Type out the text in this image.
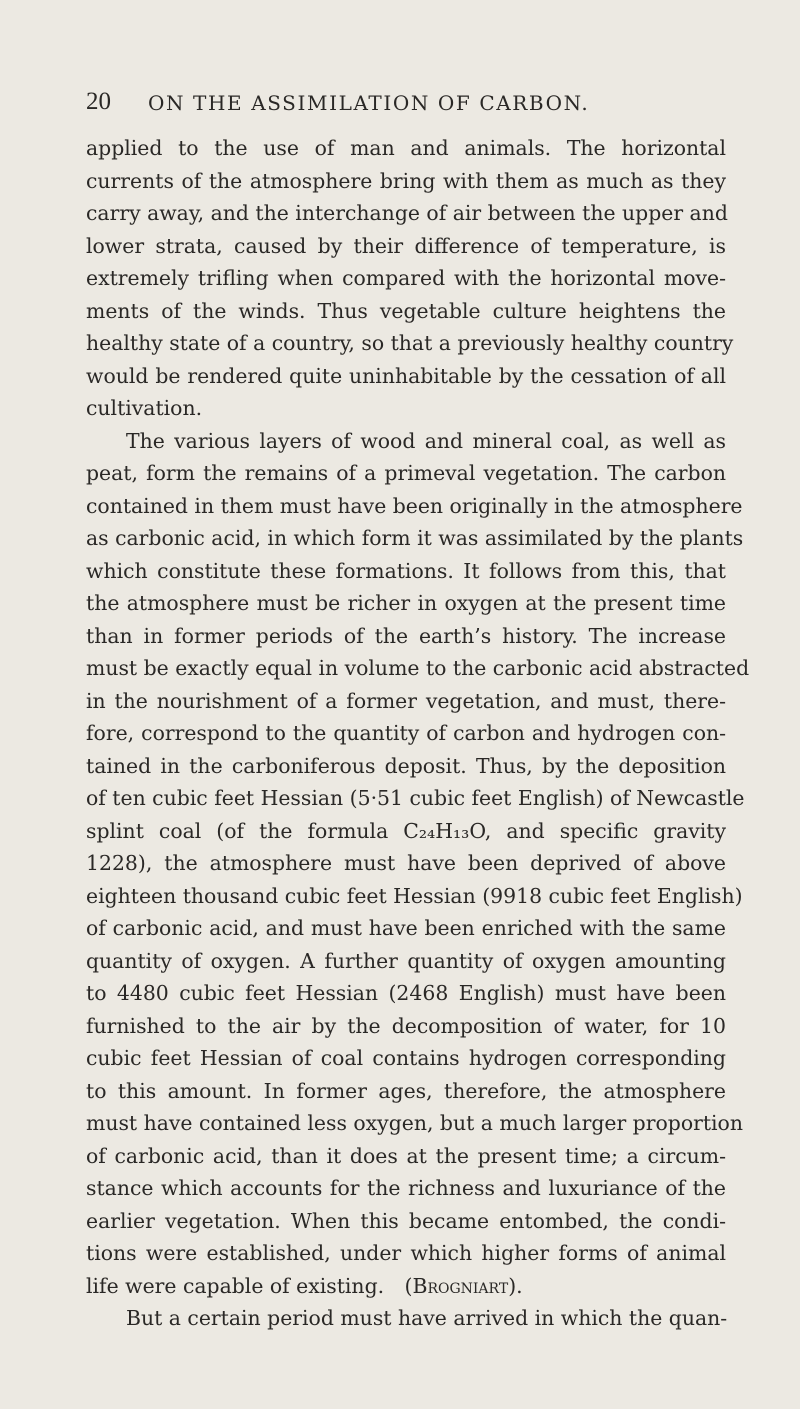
20 ON THE ASSIMILATION OF CARBON.
applied to the use of man and animals. The horizontal
currents of the atmosphere bring with them as much as they
carry away, and the interchange of air between the upper and
lower strata, caused by their difference of temperature, is
extremely trifling when compared with the horizontal move-
ments of the winds. Thus vegetable culture heightens the
healthy state of a country, so that a previously healthy country
would be rendered quite uninhabitable by the cessation of all
cultivation.
The various layers of wood and mineral coal, as well as
peat, form the remains of a primeval vegetation. The carbon
contained in them must have been originally in the atmosphere
as carbonic acid, in which form it was assimilated by the plants
which constitute these formations. It follows from this, that
the atmosphere must be richer in oxygen at the present time
than in former periods of the earth’s history. The increase
must be exactly equal in volume to the carbonic acid abstracted
in the nourishment of a former vegetation, and must, there-
fore, correspond to the quantity of carbon and hydrogen con-
tained in the carboniferous deposit. Thus, by the deposition
of ten cubic feet Hessian (5·51 cubic feet English) of Newcastle
splint coal (of the formula C₂₄H₁₃O, and specific gravity
1228), the atmosphere must have been deprived of above
eighteen thousand cubic feet Hessian (9918 cubic feet English)
of carbonic acid, and must have been enriched with the same
quantity of oxygen. A further quantity of oxygen amounting
to 4480 cubic feet Hessian (2468 English) must have been
furnished to the air by the decomposition of water, for 10
cubic feet Hessian of coal contains hydrogen corresponding
to this amount. In former ages, therefore, the atmosphere
must have contained less oxygen, but a much larger proportion
of carbonic acid, than it does at the present time; a circum-
stance which accounts for the richness and luxuriance of the
earlier vegetation. When this became entombed, the condi-
tions were established, under which higher forms of animal
life were capable of existing. (Brogniart).
But a certain period must have arrived in which the quan-
